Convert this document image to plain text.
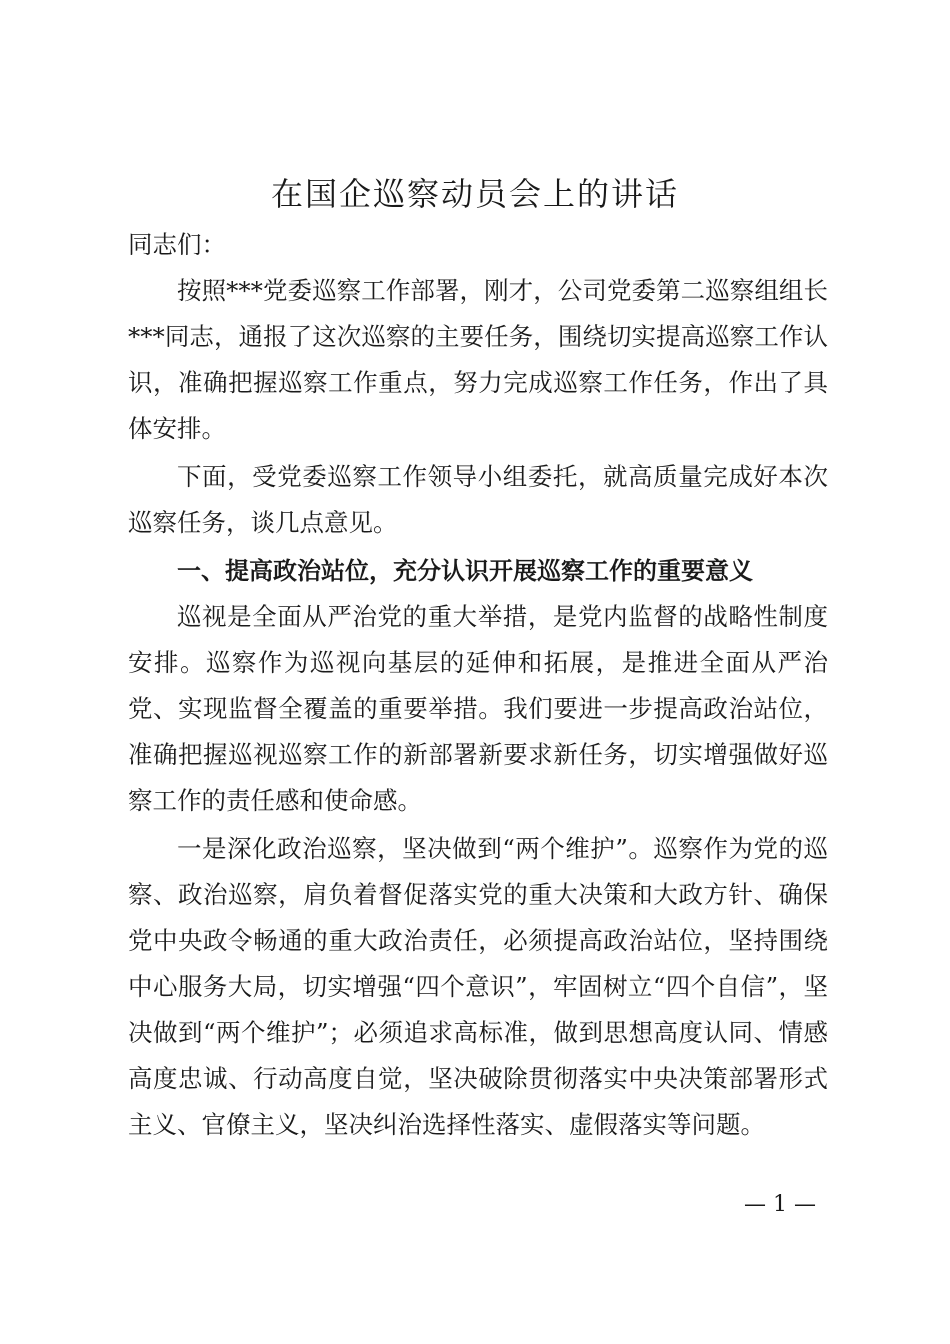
在国企巡察动员会上的讲话

同志们：

按照***党委巡察工作部署，刚才，公司党委第二巡察组组长***同志，通报了这次巡察的主要任务，围绕切实提高巡察工作认识，准确把握巡察工作重点，努力完成巡察工作任务，作出了具体安排。

下面，受党委巡察工作领导小组委托，就高质量完成好本次巡察任务，谈几点意见。

一、提高政治站位，充分认识开展巡察工作的重要意义

巡视是全面从严治党的重大举措，是党内监督的战略性制度安排。巡察作为巡视向基层的延伸和拓展，是推进全面从严治党、实现监督全覆盖的重要举措。我们要进一步提高政治站位，准确把握巡视巡察工作的新部署新要求新任务，切实增强做好巡察工作的责任感和使命感。

一是深化政治巡察，坚决做到“两个维护”。巡察作为党的巡察、政治巡察，肩负着督促落实党的重大决策和大政方针、确保党中央政令畅通的重大政治责任，必须提高政治站位，坚持围绕中心服务大局，切实增强“四个意识”，牢固树立“四个自信”，坚决做到“两个维护”；必须追求高标准，做到思想高度认同、情感高度忠诚、行动高度自觉，坚决破除贯彻落实中央决策部署形式主义、官僚主义，坚决纠治选择性落实、虚假落实等问题。

— 1 —
